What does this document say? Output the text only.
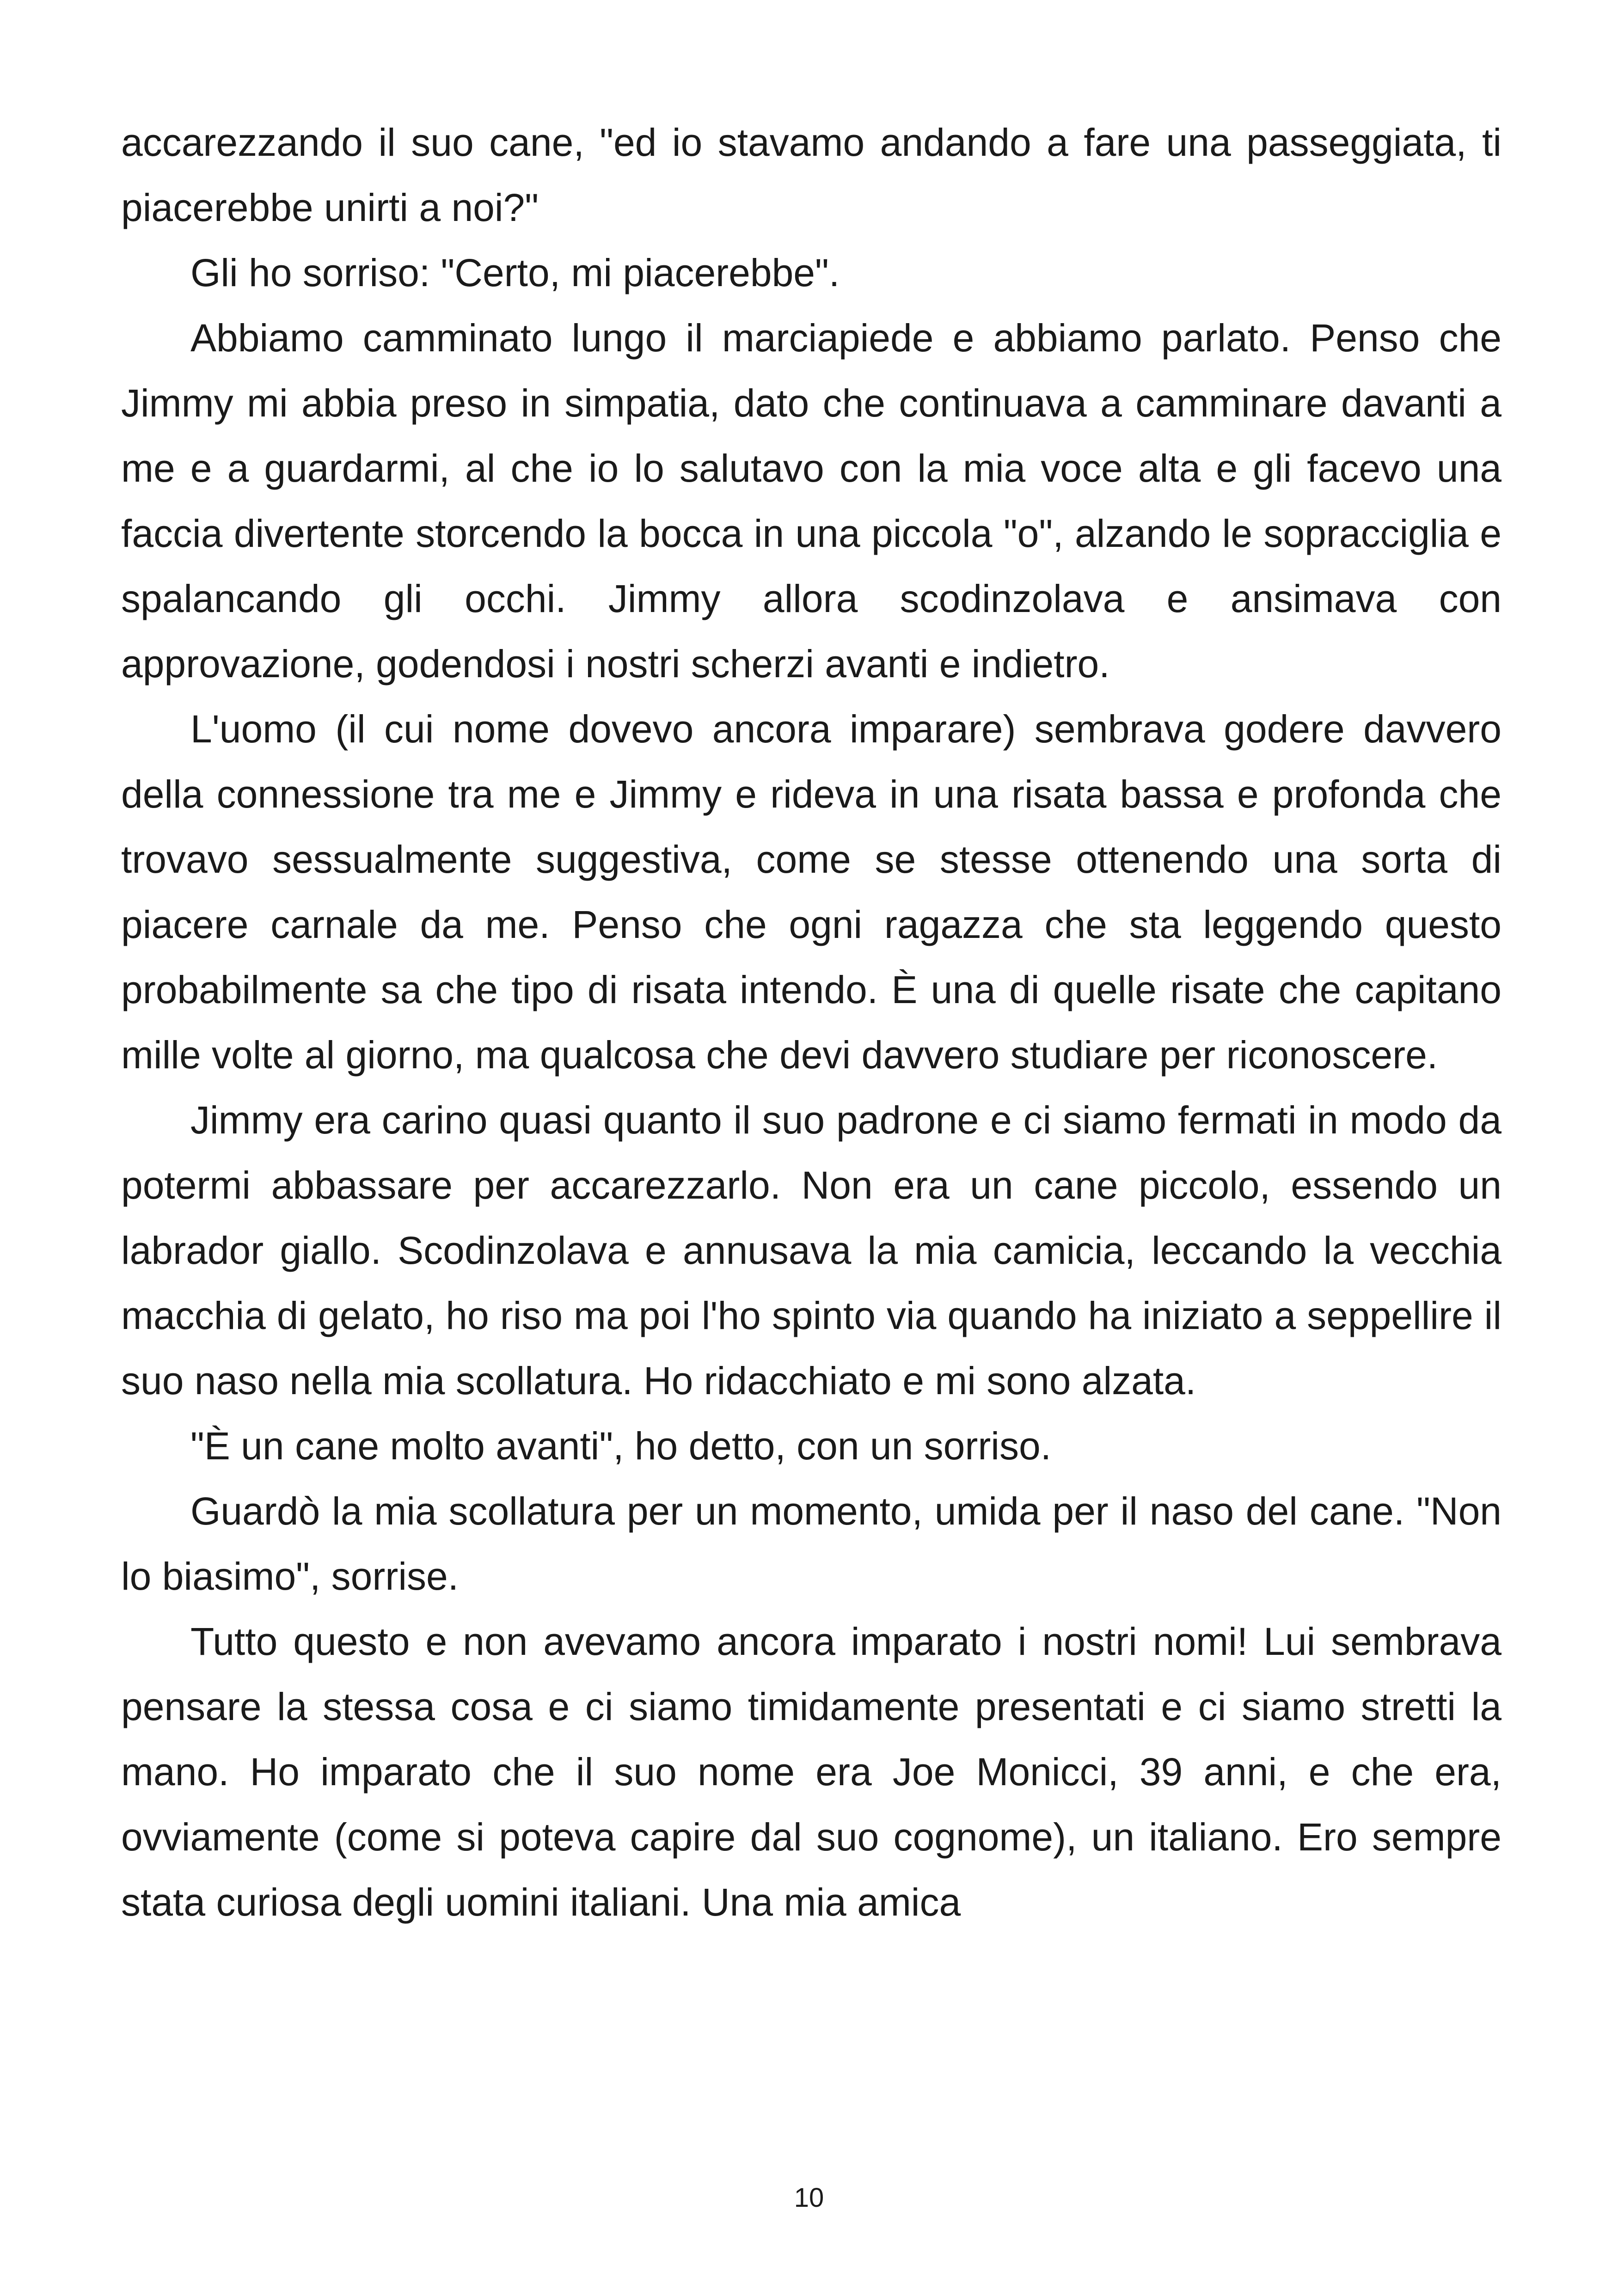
accarezzando il suo cane, "ed io stavamo andando a fare una passeggiata, ti piacerebbe unirti a noi?"

Gli ho sorriso: "Certo, mi piacerebbe".

Abbiamo camminato lungo il marciapiede e abbiamo parlato. Penso che Jimmy mi abbia preso in simpatia, dato che continuava a camminare davanti a me e a guardarmi, al che io lo salutavo con la mia voce alta e gli facevo una faccia divertente storcendo la bocca in una piccola "o", alzando le sopracciglia e spalancando gli occhi. Jimmy allora scodinzolava e ansimava con approvazione, godendosi i nostri scherzi avanti e indietro.

L'uomo (il cui nome dovevo ancora imparare) sembrava godere davvero della connessione tra me e Jimmy e rideva in una risata bassa e profonda che trovavo sessualmente suggestiva, come se stesse ottenendo una sorta di piacere carnale da me. Penso che ogni ragazza che sta leggendo questo probabilmente sa che tipo di risata intendo. È una di quelle risate che capitano mille volte al giorno, ma qualcosa che devi davvero studiare per riconoscere.

Jimmy era carino quasi quanto il suo padrone e ci siamo fermati in modo da potermi abbassare per accarezzarlo. Non era un cane piccolo, essendo un labrador giallo. Scodinzolava e annusava la mia camicia, leccando la vecchia macchia di gelato, ho riso ma poi l'ho spinto via quando ha iniziato a seppellire il suo naso nella mia scollatura. Ho ridacchiato e mi sono alzata.

"È un cane molto avanti", ho detto, con un sorriso.

Guardò la mia scollatura per un momento, umida per il naso del cane. "Non lo biasimo", sorrise.

Tutto questo e non avevamo ancora imparato i nostri nomi! Lui sembrava pensare la stessa cosa e ci siamo timidamente presentati e ci siamo stretti la mano. Ho imparato che il suo nome era Joe Monicci, 39 anni, e che era, ovviamente (come si poteva capire dal suo cognome), un italiano. Ero sempre stata curiosa degli uomini italiani. Una mia amica

10
